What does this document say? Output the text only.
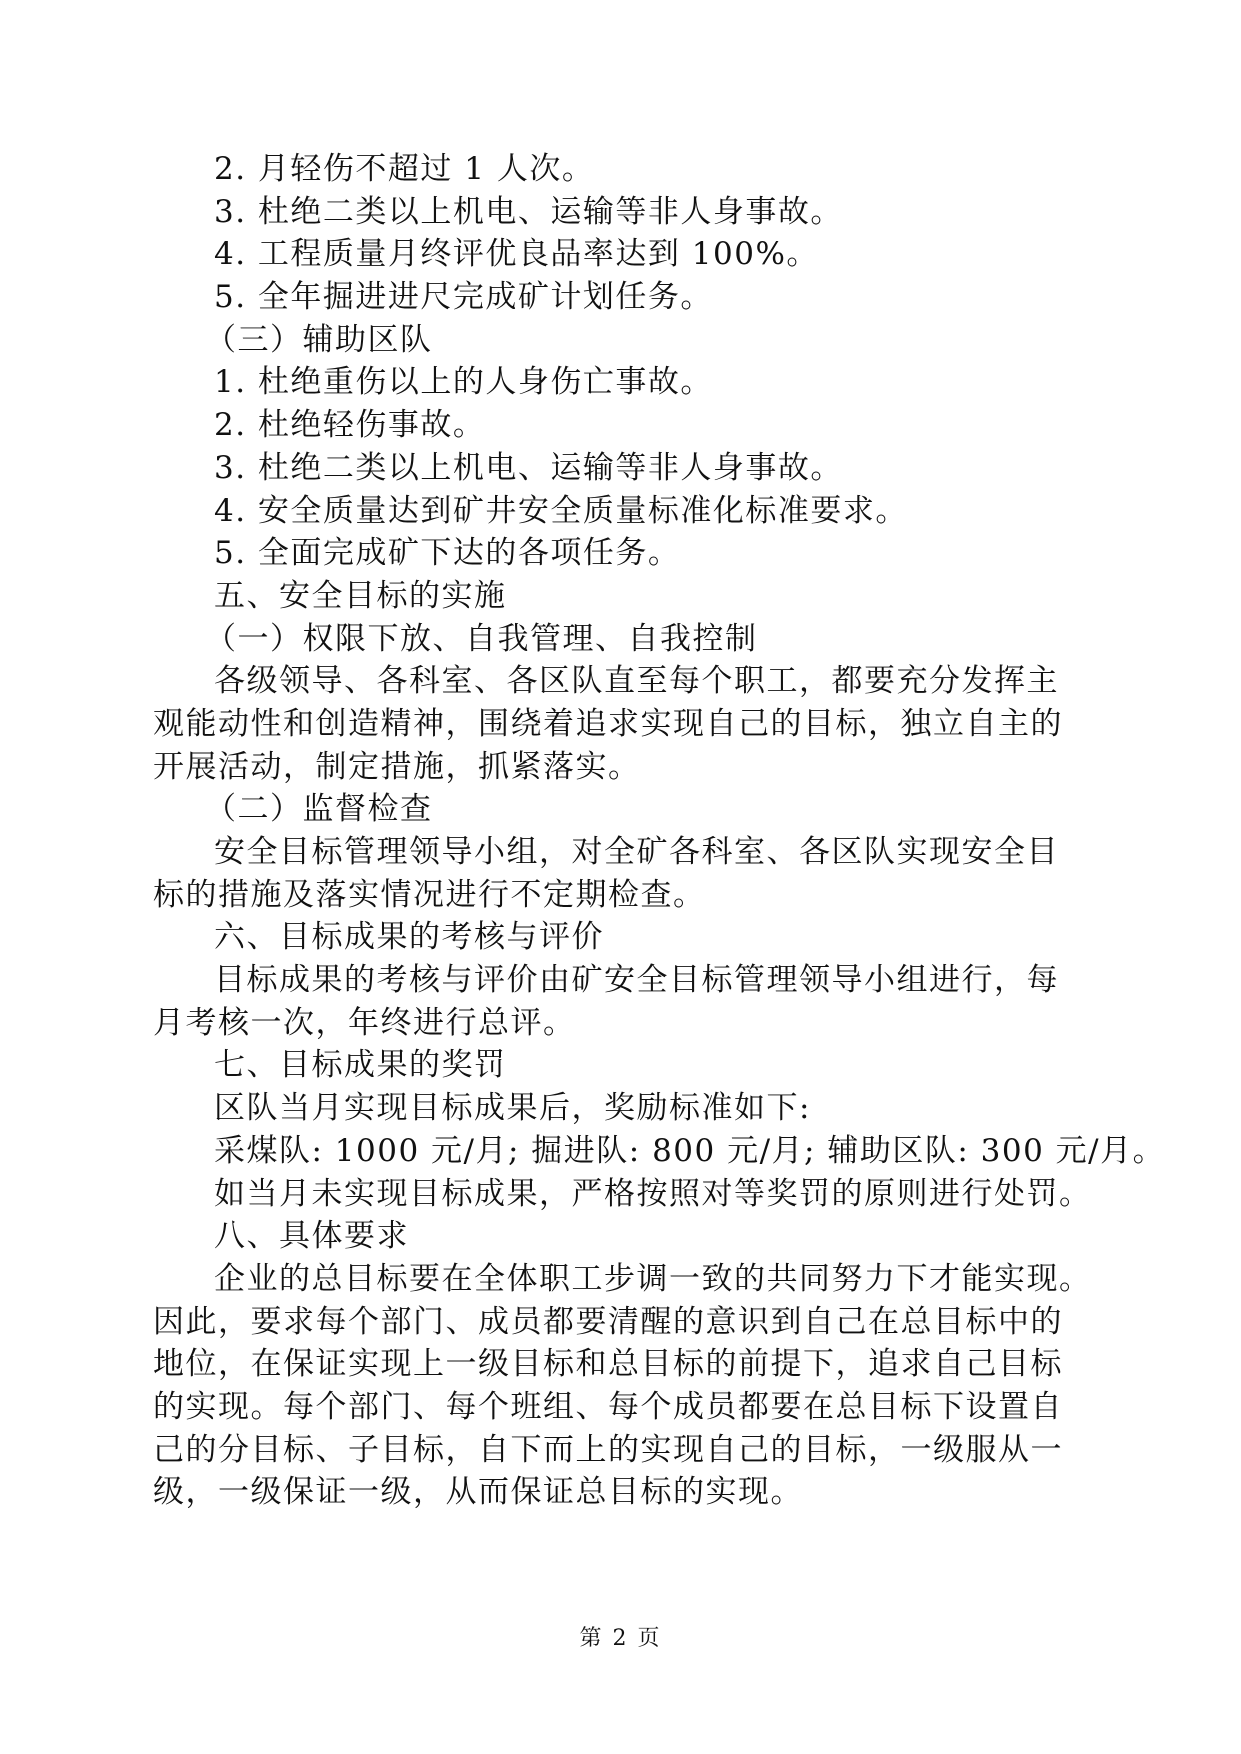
2. 月轻伤不超过 1 人次。
3. 杜绝二类以上机电、运输等非人身事故。
4. 工程质量月终评优良品率达到 100%。
5. 全年掘进进尺完成矿计划任务。
（三）辅助区队
1. 杜绝重伤以上的人身伤亡事故。
2. 杜绝轻伤事故。
3. 杜绝二类以上机电、运输等非人身事故。
4. 安全质量达到矿井安全质量标准化标准要求。
5. 全面完成矿下达的各项任务。
五、安全目标的实施
（一）权限下放、自我管理、自我控制
各级领导、各科室、各区队直至每个职工，都要充分发挥主
观能动性和创造精神，围绕着追求实现自己的目标，独立自主的
开展活动，制定措施，抓紧落实。
（二）监督检查
安全目标管理领导小组，对全矿各科室、各区队实现安全目
标的措施及落实情况进行不定期检查。
六、目标成果的考核与评价
目标成果的考核与评价由矿安全目标管理领导小组进行，每
月考核一次，年终进行总评。
七、目标成果的奖罚
区队当月实现目标成果后，奖励标准如下:
采煤队: 1000 元/月; 掘进队: 800 元/月; 辅助区队: 300 元/月。
如当月未实现目标成果，严格按照对等奖罚的原则进行处罚。
八、具体要求
企业的总目标要在全体职工步调一致的共同努力下才能实现。
因此，要求每个部门、成员都要清醒的意识到自己在总目标中的
地位，在保证实现上一级目标和总目标的前提下，追求自己目标
的实现。每个部门、每个班组、每个成员都要在总目标下设置自
己的分目标、子目标，自下而上的实现自己的目标，一级服从一
级，一级保证一级，从而保证总目标的实现。
第 2 页
